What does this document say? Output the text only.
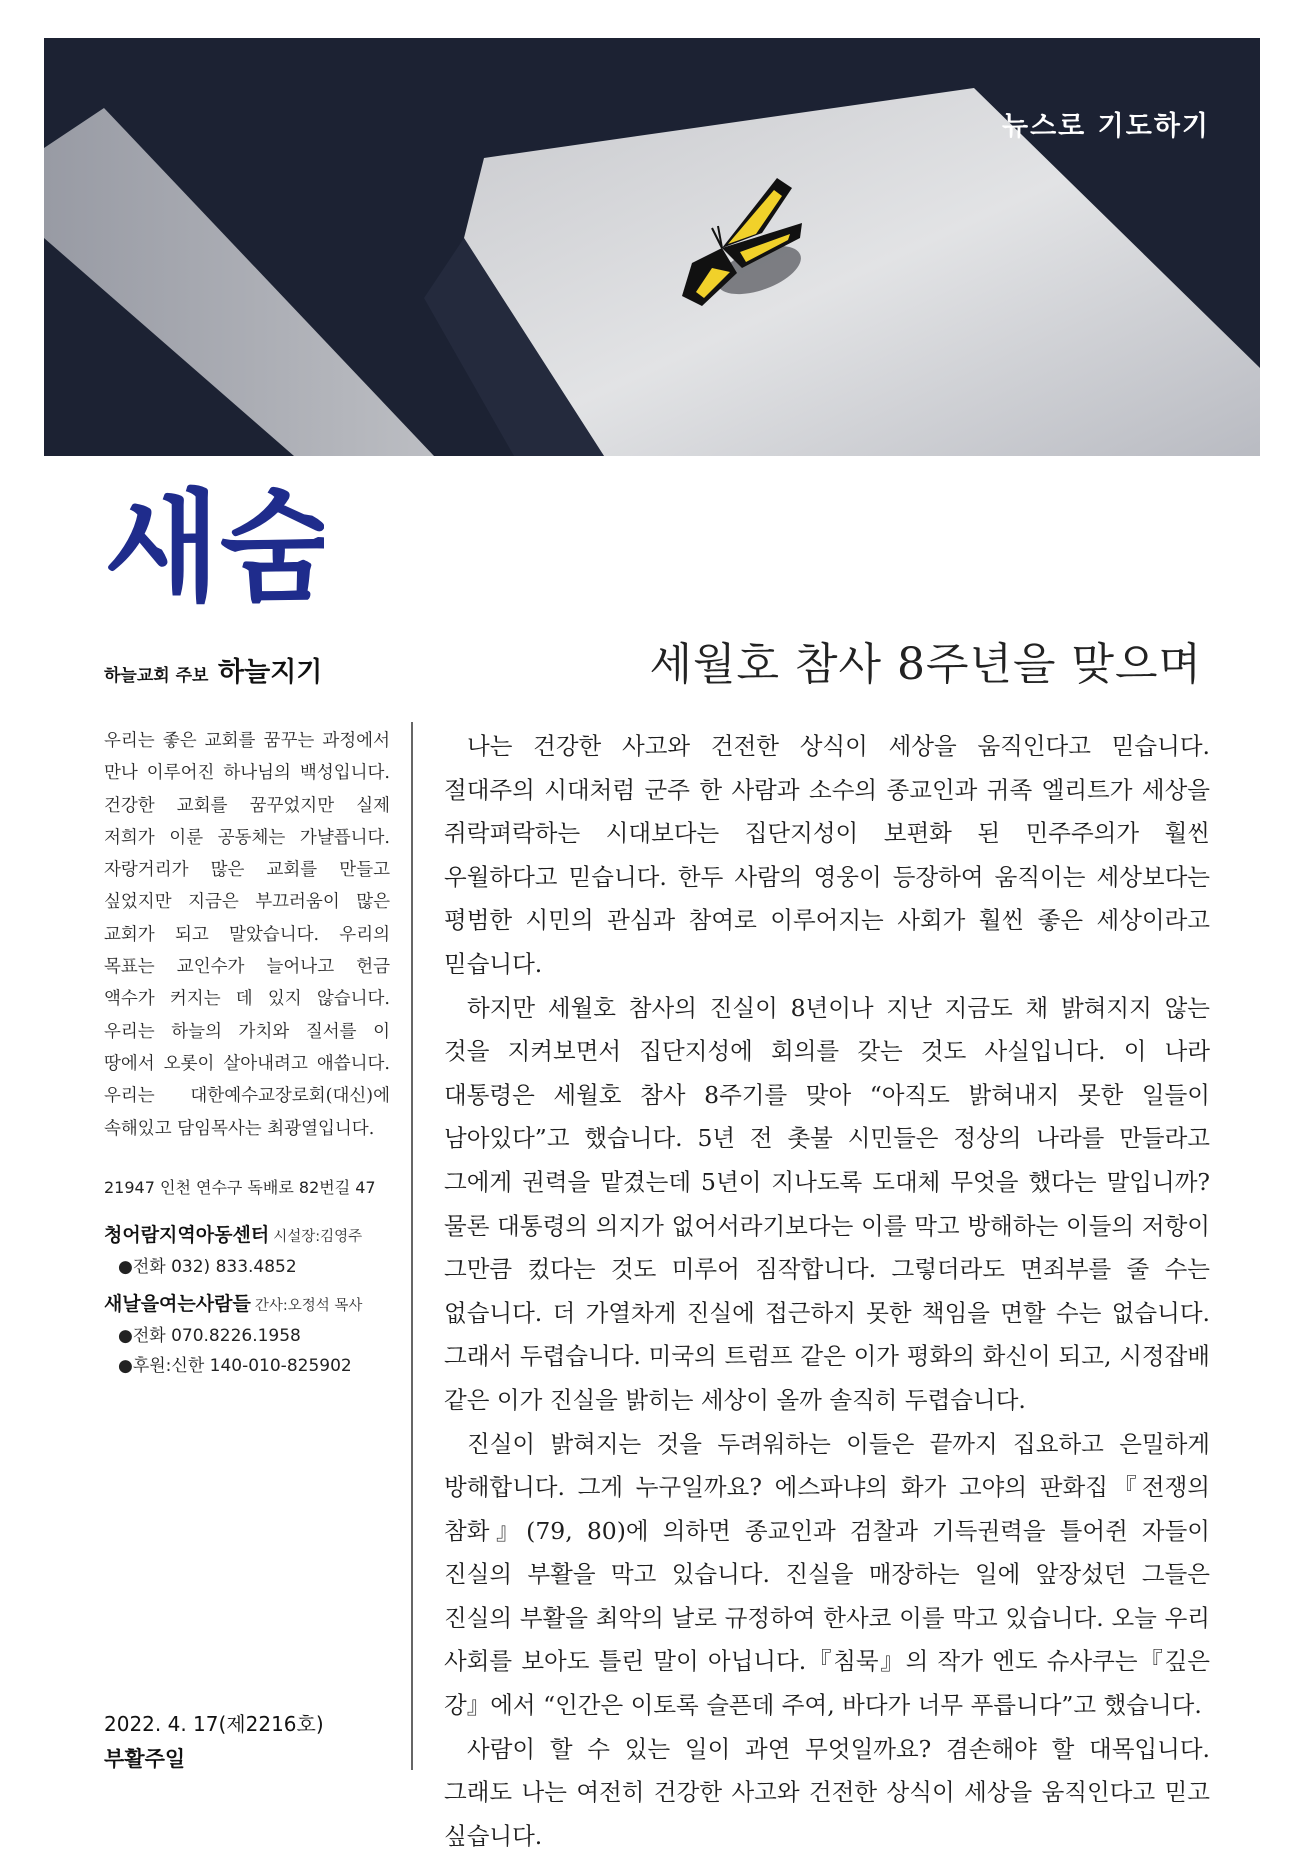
뉴스로 기도하기
새숨
하늘교회 주보 하늘지기	세월호 참사 8주년을 맞으며

우리는 좋은 교회를 꿈꾸는 과정에서 만나 이루어진 하나님의 백성입니다. 건강한 교회를 꿈꾸었지만 실제 저희가 이룬 공동체는 가냘픕니다. 자랑거리가 많은 교회를 만들고 싶었지만 지금은 부끄러움이 많은 교회가 되고 말았습니다. 우리의 목표는 교인수가 늘어나고 헌금 액수가 커지는 데 있지 않습니다. 우리는 하늘의 가치와 질서를 이 땅에서 오롯이 살아내려고 애씁니다. 우리는 대한예수교장로회(대신)에 속해있고 담임목사는 최광열입니다.

21947 인천 연수구 독배로 82번길 47
청어람지역아동센터 시설장:김영주
●전화 032) 833.4852
새날을여는사람들 간사:오정석 목사
●전화 070.8226.1958
●후원:신한 140-010-825902
2022. 4. 17(제2216호)
부활주일

나는 건강한 사고와 건전한 상식이 세상을 움직인다고 믿습니다. 절대주의 시대처럼 군주 한 사람과 소수의 종교인과 귀족 엘리트가 세상을 쥐락펴락하는 시대보다는 집단지성이 보편화 된 민주주의가 훨씬 우월하다고 믿습니다. 한두 사람의 영웅이 등장하여 움직이는 세상보다는 평범한 시민의 관심과 참여로 이루어지는 사회가 훨씬 좋은 세상이라고 믿습니다.

하지만 세월호 참사의 진실이 8년이나 지난 지금도 채 밝혀지지 않는 것을 지켜보면서 집단지성에 회의를 갖는 것도 사실입니다. 이 나라 대통령은 세월호 참사 8주기를 맞아 “아직도 밝혀내지 못한 일들이 남아있다”고 했습니다. 5년 전 촛불 시민들은 정상의 나라를 만들라고 그에게 권력을 맡겼는데 5년이 지나도록 도대체 무엇을 했다는 말입니까? 물론 대통령의 의지가 없어서라기보다는 이를 막고 방해하는 이들의 저항이 그만큼 컸다는 것도 미루어 짐작합니다. 그렇더라도 면죄부를 줄 수는 없습니다. 더 가열차게 진실에 접근하지 못한 책임을 면할 수는 없습니다. 그래서 두렵습니다. 미국의 트럼프 같은 이가 평화의 화신이 되고, 시정잡배 같은 이가 진실을 밝히는 세상이 올까 솔직히 두렵습니다.

진실이 밝혀지는 것을 두려워하는 이들은 끝까지 집요하고 은밀하게 방해합니다. 그게 누구일까요? 에스파냐의 화가 고야의 판화집『전쟁의 참화』(79, 80)에 의하면 종교인과 검찰과 기득권력을 틀어쥔 자들이 진실의 부활을 막고 있습니다. 진실을 매장하는 일에 앞장섰던 그들은 진실의 부활을 최악의 날로 규정하여 한사코 이를 막고 있습니다. 오늘 우리 사회를 보아도 틀린 말이 아닙니다.『침묵』의 작가 엔도 슈사쿠는『깊은 강』에서 “인간은 이토록 슬픈데 주여, 바다가 너무 푸릅니다”고 했습니다.

사람이 할 수 있는 일이 과연 무엇일까요? 겸손해야 할 대목입니다. 그래도 나는 여전히 건강한 사고와 건전한 상식이 세상을 움직인다고 믿고 싶습니다.
